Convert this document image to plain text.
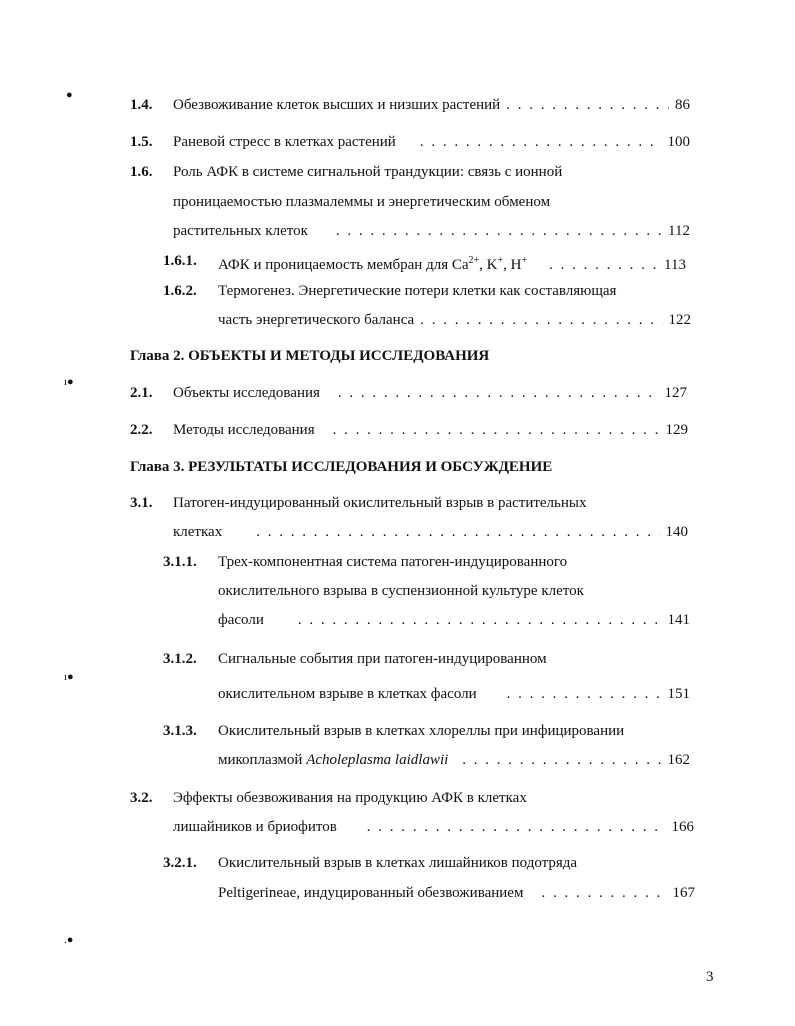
●
ı●
ı●
.●
1.4. Обезвоживание клеток высших и низших растений . . .	86
1.5. Раневой стресс в клетках растений . . .	100
1.6. Роль АФК в системе сигнальной трандукции: связь с ионной
проницаемостью плазмалеммы и энергетическим обменом
растительных клеток . . .	112
1.6.1. АФК и проницаемость мембран для $Ca^{2+}$, K+, H+ . . .	113
1.6.2. Термогенез. Энергетические потери клетки как составляющая
часть энергетического баланса . . .	122
Глава 2. ОБЪЕКТЫ И МЕТОДЫ ИССЛЕДОВАНИЯ
2.1. Объекты исследования . . .	127
2.2. Методы исследования . . .	129
Глава 3. РЕЗУЛЬТАТЫ ИССЛЕДОВАНИЯ И ОБСУЖДЕНИЕ
3.1. Патоген-индуцированный окислительный взрыв в растительных
клетках . . .	140
3.1.1. Трех-компонентная система патоген-индуцированного
окислительного взрыва в суспензионной культуре клеток
фасоли . . .	141
3.1.2. Сигнальные события при патоген-индуцированном
окислительном взрыве в клетках фасоли . . .	151
3.1.3. Окислительный взрыв в клетках хлореллы при инфицировании
микоплазмой Acholeplasma laidlawii . . .	162
3.2. Эффекты обезвоживания на продукцию АФК в клетках
лишайников и бриофитов . . .	166
3.2.1. Окислительный взрыв в клетках лишайников подотряда
Peltigerineae, индуцированный обезвоживанием . . .	167
3
